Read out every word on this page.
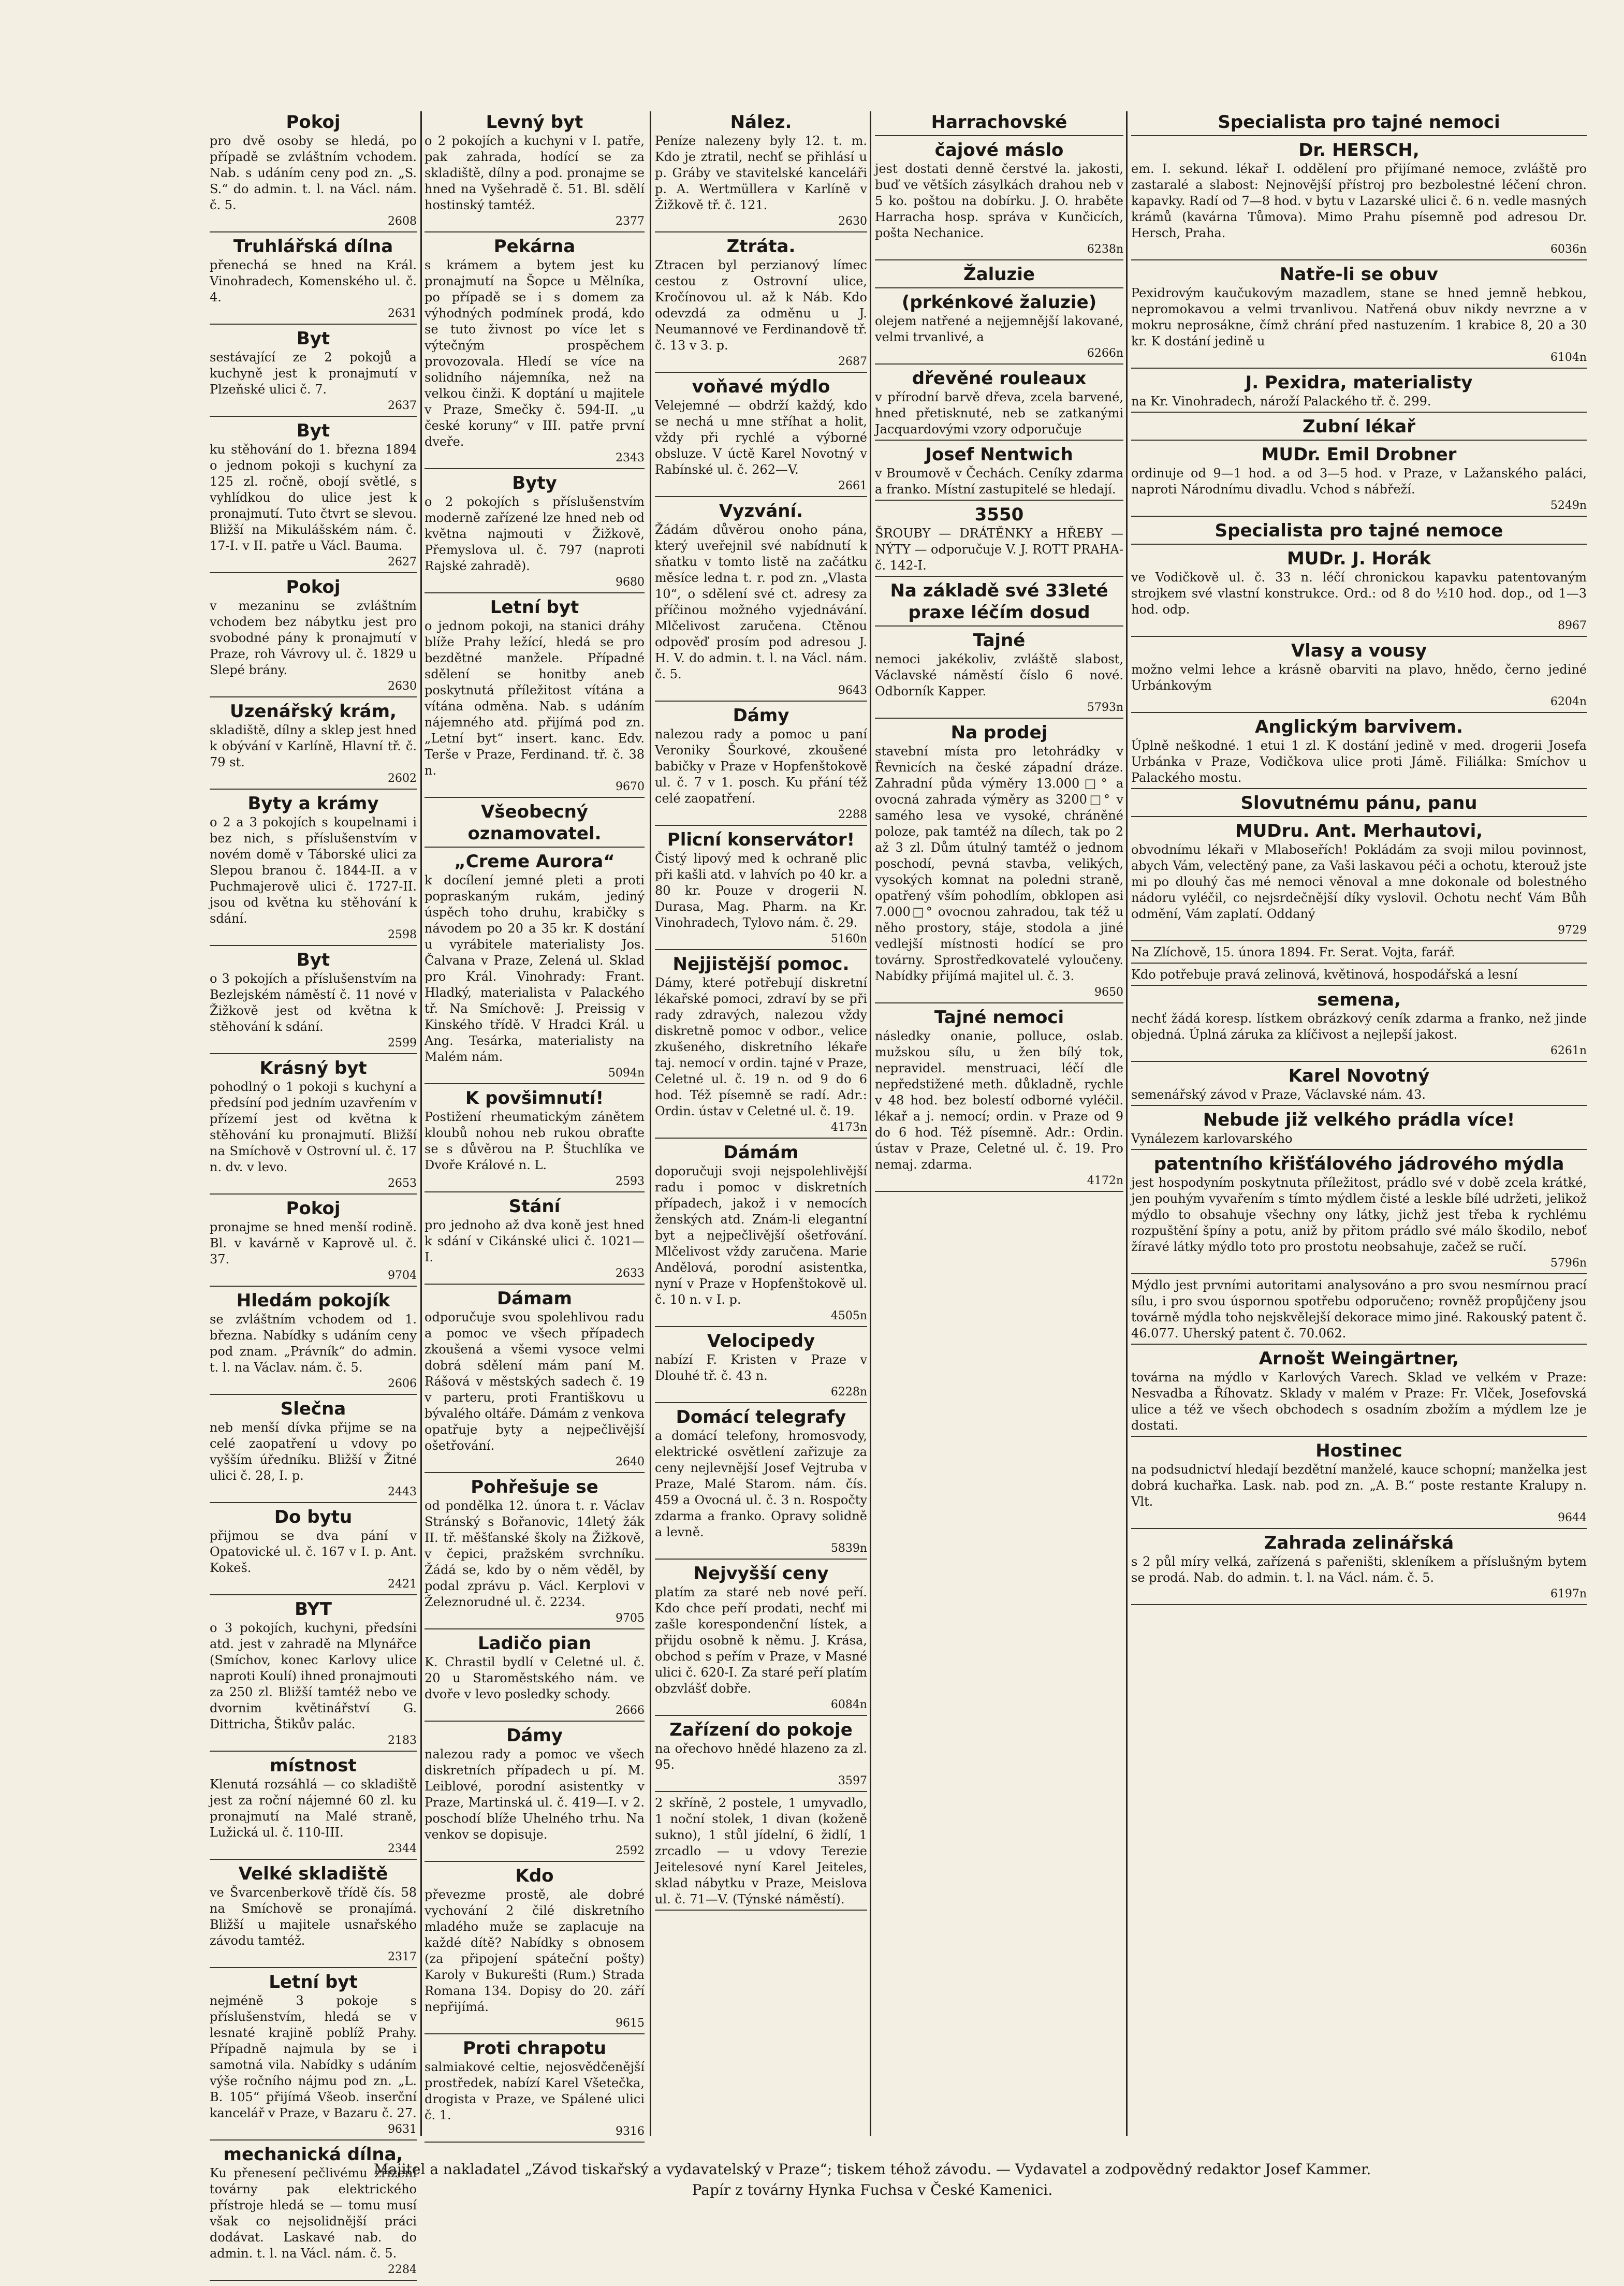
Pokoj
pro dvě osoby se hledá, po případě se zvláštním vchodem. Nab. s udáním ceny pod zn. „S. S.“ do admin. t. l. na Václ. nám. č. 5.
2608
Truhlářská dílna
přenechá se hned na Král. Vinohradech, Komenského ul. č. 4.
2631
Byt
sestávající ze 2 pokojů a kuchyně jest k pronajmutí v Plzeňské ulici č. 7.
2637
Byt
ku stěhování do 1. března 1894 o jednom pokoji s kuchyní za 125 zl. ročně, obojí světlé, s vyhlídkou do ulice jest k pronajmutí. Tuto čtvrt se slevou. Bližší na Mikulášském nám. č. 17-I. v II. patře u Václ. Bauma.
2627
Pokoj
v mezaninu se zvláštním vchodem bez nábytku jest pro svobodné pány k pronajmutí v Praze, roh Vávrovy ul. č. 1829 u Slepé brány.
2630
Uzenářský krám,
skladiště, dílny a sklep jest hned k obývání v Karlíně, Hlavní tř. č. 79 st.
2602
Byty a krámy
o 2 a 3 pokojích s koupelnami i bez nich, s příslušenstvím v novém domě v Táborské ulici za Slepou branou č. 1844-II. a v Puchmajerově ulici č. 1727-II. jsou od května ku stěhování k sdání.
2598
Byt
o 3 pokojích a příslušenstvím na Bezlejském náměstí č. 11 nové v Žižkově jest od května k stěhování k sdání.
2599
Krásný byt
pohodlný o 1 pokoji s kuchyní a předsíní pod jedním uzavřením v přízemí jest od května k stěhování ku pronajmutí. Bližší na Smíchově v Ostrovní ul. č. 17 n. dv. v levo.
2653
Pokoj
pronajme se hned menší rodině. Bl. v kavárně v Kaprově ul. č. 37.
9704
Hledám pokojík
se zvláštním vchodem od 1. března. Nabídky s udáním ceny pod znam. „Právník“ do admin. t. l. na Václav. nám. č. 5.
2606
Slečna
neb menší dívka přijme se na celé zaopatření u vdovy po vyšším úředníku. Bližší v Žitné ulici č. 28, I. p.
2443
Do bytu
přijmou se dva pání v Opatovické ul. č. 167 v I. p. Ant. Kokeš.
2421
BYT
o 3 pokojích, kuchyni, předsíni atd. jest v zahradě na Mlynářce (Smíchov, konec Karlovy ulice naproti Koulí) ihned pronajmouti za 250 zl. Bližší tamtéž nebo ve dvornim květinářství G. Dittricha, Štikův palác.
2183
místnost
Klenutá rozsáhlá — co skladiště jest za roční nájemné 60 zl. ku pronajmutí na Malé straně, Lužická ul. č. 110-III.
2344
Velké skladiště
ve Švarcenberkově třídě čís. 58 na Smíchově se pronajímá. Bližší u majitele usnařského závodu tamtéž.
2317
Letní byt
nejméně 3 pokoje s příslušenstvím, hledá se v lesnaté krajině poblíž Prahy. Případně najmula by se i samotná vila. Nabídky s udáním výše ročního nájmu pod zn. „L. B. 105“ přijímá Všeob. inserční kancelář v Praze, v Bazaru č. 27.
9631
mechanická dílna,
Ku přenesení pečlivému zřízení továrny pak elektrického přístroje hledá se — tomu musí však co nejsolidnější práci dodávat. Laskavé nab. do admin. t. l. na Václ. nám. č. 5.
2284
Levný byt
o 2 pokojích a kuchyni v I. patře, pak zahrada, hodící se za skladiště, dílny a pod. pronajme se hned na Vyšehradě č. 51. Bl. sdělí hostinský tamtéž.
2377
Pekárna
s krámem a bytem jest ku pronajmutí na Šopce u Mělníka, po případě se i s domem za výhodných podmínek prodá, kdo se tuto živnost po více let s výtečným prospěchem provozovala. Hledí se více na solidního nájemníka, než na velkou činži. K doptání u majitele v Praze, Smečky č. 594-II. „u české koruny“ v III. patře první dveře.
2343
Byty
o 2 pokojích s příslušenstvím moderně zařízené lze hned neb od května najmouti v Žižkově, Přemyslova ul. č. 797 (naproti Rajské zahradě).
9680
Letní byt
o jednom pokoji, na stanici dráhy blíže Prahy ležící, hledá se pro bezdětné manžele. Případné sdělení se honitby aneb poskytnutá příležitost vítána a vítána odměna. Nab. s udáním nájemného atd. přijímá pod zn. „Letní byt“ insert. kanc. Edv. Terše v Praze, Ferdinand. tř. č. 38 n.
9670
Všeobecný oznamovatel.
„Creme Aurora“
k docílení jemné pleti a proti popraskaným rukám, jediný úspěch toho druhu, krabičky s návodem po 20 a 35 kr. K dostání u vyrábitele materialisty Jos. Čalvana v Praze, Zelená ul. Sklad pro Král. Vinohrady: Frant. Hladký, materialista v Palackého tř. Na Smíchově: J. Preissig v Kinského třídě. V Hradci Král. u Ang. Tesárka, materialisty na Malém nám.
5094n
K povšimnutí!
Postižení rheumatickým zánětem kloubů nohou neb rukou obraťte se s důvěrou na P. Štuchlíka ve Dvoře Králové n. L.
2593
Stání
pro jednoho až dva koně jest hned k sdání v Cikánské ulici č. 1021—I.
2633
Dámam
odporučuje svou spolehlivou radu a pomoc ve všech případech zkoušená a všemi vysoce velmi dobrá sdělení mám paní M. Rášová v městských sadech č. 19 v parteru, proti Františkovu u bývalého oltáře. Dámám z venkova opatřuje byty a nejpečlivější ošetřování.
2640
Pohřešuje se
od pondělka 12. února t. r. Václav Stránský s Bořanovic, 14letý žák II. tř. měšťanské školy na Žižkově, v čepici, pražském svrchníku. Žádá se, kdo by o něm věděl, by podal zprávu p. Václ. Kerplovi v Železnorudné ul. č. 2234.
9705
Ladičo pian
K. Chrastil bydlí v Celetné ul. č. 20 u Staroměstského nám. ve dvoře v levo posledky schody.
2666
Dámy
nalezou rady a pomoc ve všech diskretních případech u pí. M. Leiblové, porodní asistentky v Praze, Martinská ul. č. 419—I. v 2. poschodí blíže Uhelného trhu. Na venkov se dopisuje.
2592
Kdo
převezme prostě, ale dobré vychování 2 čilé diskretního mladého muže se zaplacuje na každé dítě? Nabídky s obnosem (za připojení spáteční pošty) Karoly v Bukurešti (Rum.) Strada Romana 134. Dopisy do 20. září nepřijímá.
9615
Proti chrapotu
salmiakové celtie, nejosvědčenější prostředek, nabízí Karel Všetečka, drogista v Praze, ve Spálené ulici č. 1.
9316
Nález.
Peníze nalezeny byly 12. t. m. Kdo je ztratil, nechť se přihlásí u p. Gráby ve stavitelské kanceláři p. A. Wertmüllera v Karlíně v Žižkově tř. č. 121.
2630
Ztráta.
Ztracen byl perzianový límec cestou z Ostrovní ulice, Kročínovou ul. až k Náb. Kdo odevzdá za odměnu u J. Neumannové ve Ferdinandově tř. č. 13 v 3. p.
2687
voňavé mýdlo
Velejemné — obdrží každý, kdo se nechá u mne stříhat a holit, vždy při rychlé a výborné obsluze. V úctě Karel Novotný v Rabínské ul. č. 262—V.
2661
Vyzvání.
Žádám důvěrou onoho pána, který uveřejnil své nabídnutí k sňatku v tomto listě na začátku měsíce ledna t. r. pod zn. „Vlasta 10“, o sdělení své ct. adresy za příčinou možného vyjednávání. Mlčelivost zaručena. Ctěnou odpověď prosím pod adresou J. H. V. do admin. t. l. na Václ. nám. č. 5.
9643
Dámy
nalezou rady a pomoc u paní Veroniky Šourkové, zkoušené babičky v Praze v Hopfenštokově ul. č. 7 v 1. posch. Ku přání též celé zaopatření.
2288
Plicní konservátor!
Čistý lipový med k ochraně plic při kašli atd. v lahvích po 40 kr. a 80 kr. Pouze v drogerii N. Durasa, Mag. Pharm. na Kr. Vinohradech, Tylovo nám. č. 29.
5160n
Nejjistější pomoc.
Dámy, které potřebují diskretní lékařské pomoci, zdraví by se při rady zdravých, nalezou vždy diskretně pomoc v odbor., velice zkušeného, diskretního lékaře taj. nemocí v ordin. tajné v Praze, Celetné ul. č. 19 n. od 9 do 6 hod. Též písemně se radí. Adr.: Ordin. ústav v Celetné ul. č. 19.
4173n
Dámám
doporučuji svoji nejspolehlivější radu i pomoc v diskretních případech, jakož i v nemocích ženských atd. Znám-li elegantní byt a nejpečlivější ošetřování. Mlčelivost vždy zaručena. Marie Andělová, porodní asistentka, nyní v Praze v Hopfenštokově ul. č. 10 n. v I. p.
4505n
Velocipedy
nabízí F. Kristen v Praze v Dlouhé tř. č. 43 n.
6228n
Domácí telegrafy
a domácí telefony, hromosvody, elektrické osvětlení zařizuje za ceny nejlevnější Josef Vejtruba v Praze, Malé Starom. nám. čís. 459 a Ovocná ul. č. 3 n. Rospočty zdarma a franko. Opravy solidně a levně.
5839n
Nejvyšší ceny
platím za staré neb nové peří. Kdo chce peří prodati, nechť mi zašle korespondenční lístek, a přijdu osobně k němu. J. Krása, obchod s peřím v Praze, v Masné ulici č. 620-I. Za staré peří platím obzvlášť dobře.
6084n
Zařízení do pokoje
na ořechovo hnědé hlazeno za zl. 95.
3597
2 skříně, 2 postele, 1 umyvadlo, 1 noční stolek, 1 divan (koženě sukno), 1 stůl jídelní, 6 židlí, 1 zrcadlo — u vdovy Terezie Jeitelesové nyní Karel Jeiteles, sklad nábytku v Praze, Meislova ul. č. 71—V. (Týnské náměstí).
Harrachovské
čajové máslo
jest dostati denně čerstvé la. jakosti, buď ve větších zásylkách drahou neb v 5 ko. poštou na dobírku. J. O. hraběte Harracha hosp. správa v Kunčicích, pošta Nechanice.
6238n
Žaluzie
(prkénkové žaluzie)
olejem natřené a nejjemnější lakované, velmi trvanlivé, a
6266n
dřevěné rouleaux
v přírodní barvě dřeva, zcela barvené, hned přetisknuté, neb se zatkanými Jacquardovými vzory odporučuje
Josef Nentwich
v Broumově v Čechách. Ceníky zdarma a franko. Místní zastupitelé se hledají.
3550
ŠROUBY — DRÁTĚNKY a HŘEBY — NÝTY — odporučuje V. J. ROTT PRAHA-č. 142-I.
Na základě své 33leté praxe léčím dosud
Tajné
nemoci jakékoliv, zvláště slabost, Václavské náměstí číslo 6 nové. Odborník Kapper.
5793n
Na prodej
stavební místa pro letohrádky v Řevnicích na české západní dráze. Zahradní půda výměry 13.000□° a ovocná zahrada výměry as 3200□° v samého lesa ve vysoké, chráněné poloze, pak tamtéž na dílech, tak po 2 až 3 zl. Dům útulný tamtéž o jednom poschodí, pevná stavba, velikých, vysokých komnat na poledni straně, opatřený vším pohodlím, obklopen asi 7.000□° ovocnou zahradou, tak též u něho prostory, stáje, stodola a jiné vedlejší místnosti hodící se pro továrny. Sprostředkovatelé vyloučeny. Nabídky přijímá majitel ul. č. 3.
9650
Tajné nemoci
následky onanie, polluce, oslab. mužskou sílu, u žen bílý tok, nepravidel. menstruaci, léčí dle nepředstižené meth. důkladně, rychle v 48 hod. bez bolestí odborné vyléčil. lékař a j. nemocí; ordin. v Praze od 9 do 6 hod. Též písemně. Adr.: Ordin. ústav v Praze, Celetné ul. č. 19. Pro nemaj. zdarma.
4172n
Specialista pro tajné nemoci
Dr. HERSCH,
em. I. sekund. lékař I. oddělení pro přijímané nemoce, zvláště pro zastaralé a slabost: Nejnovější přístroj pro bezbolestné léčení chron. kapavky. Radí od 7—8 hod. v bytu v Lazarské ulici č. 6 n. vedle masných krámů (kavárna Tůmova). Mimo Prahu písemně pod adresou Dr. Hersch, Praha.
6036n
Natře-li se obuv
Pexidrovým kaučukovým mazadlem, stane se hned jemně hebkou, nepromokavou a velmi trvanlivou. Natřená obuv nikdy nevrzne a v mokru neprosákne, čímž chrání před nastuzením. 1 krabice 8, 20 a 30 kr. K dostání jedině u
6104n
J. Pexidra, materialisty
na Kr. Vinohradech, nároží Palackého tř. č. 299.
Zubní lékař
MUDr. Emil Drobner
ordinuje od 9—1 hod. a od 3—5 hod. v Praze, v Lažanského paláci, naproti Národnímu divadlu. Vchod s nábřeží.
5249n
Specialista pro tajné nemoce
MUDr. J. Horák
ve Vodičkově ul. č. 33 n. léčí chronickou kapavku patentovaným strojkem své vlastní konstrukce. Ord.: od 8 do ½10 hod. dop., od 1—3 hod. odp.
8967
Vlasy a vousy
možno velmi lehce a krásně obarviti na plavo, hnědo, černo jediné Urbánkovým
6204n
Anglickým barvivem.
Úplně neškodné. 1 etui 1 zl. K dostání jedině v med. drogerii Josefa Urbánka v Praze, Vodičkova ulice proti Jámě. Filiálka: Smíchov u Palackého mostu.
Slovutnému pánu, panu
MUDru. Ant. Merhautovi,
obvodnímu lékaři v Mlaboseřích! Pokládám za svoji milou povinnost, abych Vám, velectěný pane, za Vaši laskavou péči a ochotu, kterouž jste mi po dlouhý čas mé nemoci věnoval a mne dokonale od bolestného nádoru vyléčil, co nejsrdečnější díky vyslovil. Ochotu nechť Vám Bůh odmění, Vám zaplatí. Oddaný
9729
Na Zlíchově, 15. února 1894. Fr. Serat. Vojta, farář.
Kdo potřebuje pravá zelinová, květinová, hospodářská a lesní
semena,
nechť žádá koresp. lístkem obrázkový ceník zdarma a franko, než jinde objedná. Úplná záruka za klíčivost a nejlepší jakost.
6261n
Karel Novotný
semenářský závod v Praze, Václavské nám. 43.
Nebude již velkého prádla více!
Vynálezem karlovarského
patentního křišťálového jádrového mýdla
jest hospodyním poskytnuta příležitost, prádlo své v době zcela krátké, jen pouhým vyvařením s tímto mýdlem čisté a leskle bílé udržeti, jelikož mýdlo to obsahuje všechny ony látky, jichž jest třeba k rychlému rozpuštění špíny a potu, aniž by přitom prádlo své málo škodilo, neboť žíravé látky mýdlo toto pro prostotu neobsahuje, začež se ručí.
5796n
Mýdlo jest prvními autoritami analysováno a pro svou nesmírnou prací sílu, i pro svou úspornou spotřebu odporučeno; rovněž propůjčeny jsou továrně mýdla toho nejskvělejší dekorace mimo jiné. Rakouský patent č. 46.077. Uherský patent č. 70.062.
Arnošt Weingärtner,
továrna na mýdlo v Karlových Varech. Sklad ve velkém v Praze: Nesvadba a Říhovatz. Sklady v malém v Praze: Fr. Vlček, Josefovská ulice a též ve všech obchodech s osadním zbožím a mýdlem lze je dostati.
Hostinec
na podsudnictví hledají bezdětní manželé, kauce schopní; manželka jest dobrá kuchařka. Lask. nab. pod zn. „A. B.“ poste restante Kralupy n. Vlt.
9644
Zahrada zelinářská
s 2 půl míry velká, zařízená s pařeništi, skleníkem a příslušným bytem se prodá. Nab. do admin. t. l. na Václ. nám. č. 5.
6197n
Majitel a nakladatel „Závod tiskařský a vydavatelský v Praze“; tiskem téhož závodu. — Vydavatel a zodpovědný redaktor Josef Kammer.
Papír z továrny Hynka Fuchsa v České Kamenici.
